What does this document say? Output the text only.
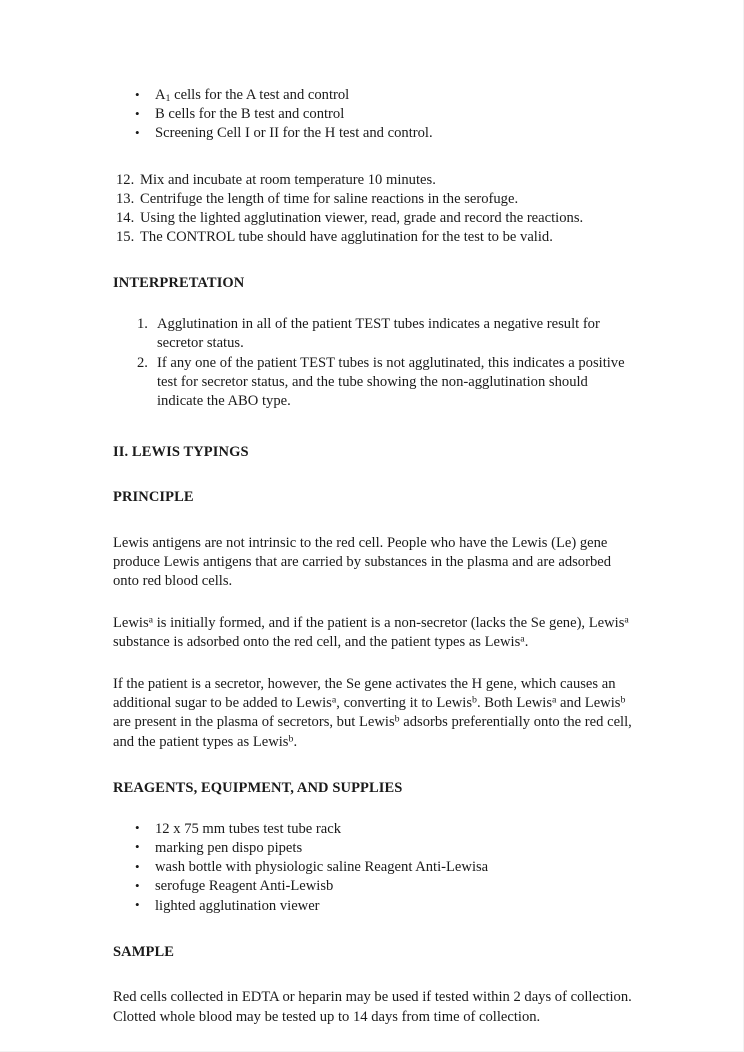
• $A_1$ cells for the A test and control
• B cells for the B test and control
• Screening Cell I or II for the H test and control.
12. Mix and incubate at room temperature 10 minutes.
13. Centrifuge the length of time for saline reactions in the serofuge.
14. Using the lighted agglutination viewer, read, grade and record the reactions.
15. The CONTROL tube should have agglutination for the test to be valid.
INTERPRETATION
1. Agglutination in all of the patient TEST tubes indicates a negative result for secretor status.
2. If any one of the patient TEST tubes is not agglutinated, this indicates a positive test for secretor status, and the tube showing the non-agglutination should indicate the ABO type.
II. LEWIS TYPINGS
PRINCIPLE

Lewis antigens are not intrinsic to the red cell. People who have the Lewis (Le) gene produce Lewis antigens that are carried by substances in the plasma and are adsorbed onto red blood cells.

Lewis$^a$ is initially formed, and if the patient is a non-secretor (lacks the Se gene), Lewis$^a$ substance is adsorbed onto the red cell, and the patient types as Lewis$^a$.

If the patient is a secretor, however, the Se gene activates the H gene, which causes an additional sugar to be added to Lewis$^a$, converting it to Lewis$^b$. Both Lewis$^a$ and Lewis$^b$ are present in the plasma of secretors, but Lewis$^b$ adsorbs preferentially onto the red cell, and the patient types as Lewis$^b$.

REAGENTS, EQUIPMENT, AND SUPPLIES
• 12 x 75 mm tubes test tube rack
• marking pen dispo pipets
• wash bottle with physiologic saline Reagent Anti-Lewisa
• serofuge Reagent Anti-Lewisb
• lighted agglutination viewer
SAMPLE

Red cells collected in EDTA or heparin may be used if tested within 2 days of collection. Clotted whole blood may be tested up to 14 days from time of collection.
